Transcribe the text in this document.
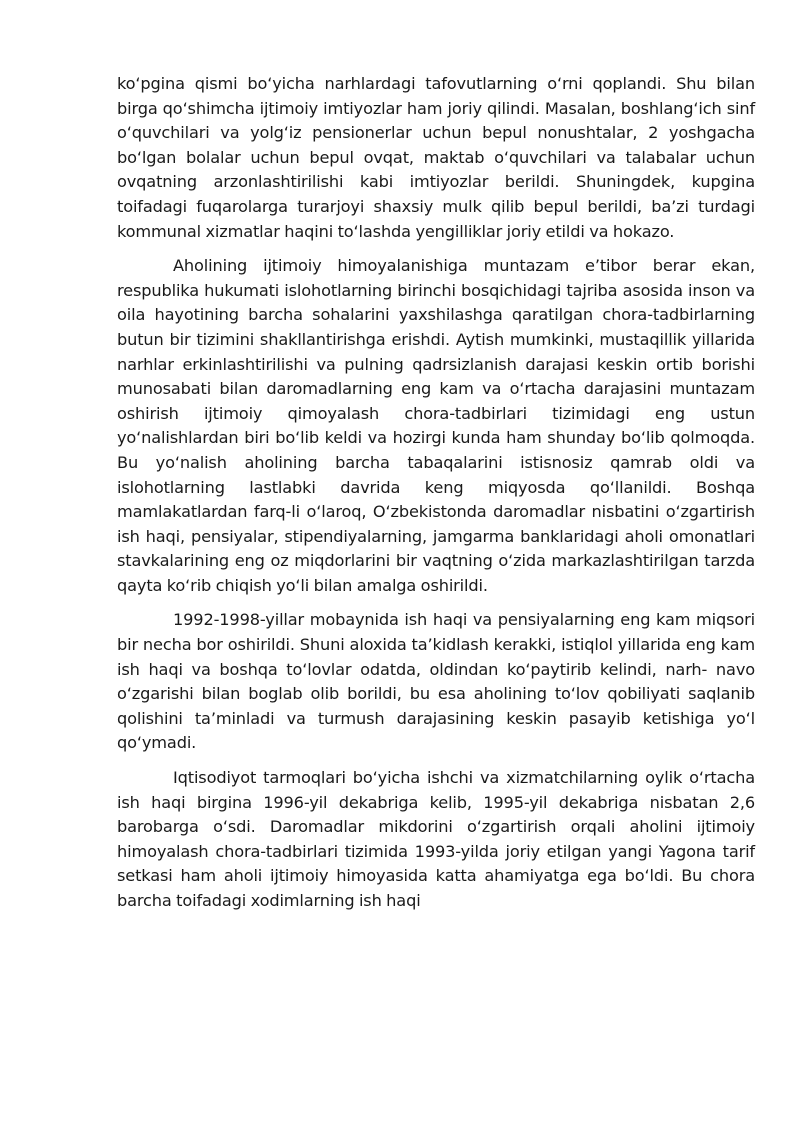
ko‘pgina qismi bo‘yicha narhlardagi tafovutlarning o‘rni qoplandi. Shu bilan birga qo‘shimcha ijtimoiy imtiyozlar ham joriy qilindi. Masalan, boshlang‘ich sinf o‘quvchilari va yolg‘iz pensionerlar uchun bepul nonushtalar, 2 yoshgacha bo‘lgan bolalar uchun bepul ovqat, maktab o‘quvchilari va talabalar uchun ovqatning arzonlashtirilishi kabi imtiyozlar berildi. Shuningdek, kupgina toifadagi fuqarolarga turarjoyi shaxsiy mulk qilib bepul berildi, ba’zi turdagi kommunal xizmatlar haqini to‘lashda yengilliklar joriy etildi va hokazo.

Aholining ijtimoiy himoyalanishiga muntazam e’tibor berar ekan, respublika hukumati islohotlarning birinchi bosqichidagi tajriba asosida inson va oila hayotining barcha sohalarini yaxshilashga qaratilgan chora-tadbirlarning butun bir tizimini shakllantirishga erishdi. Aytish mumkinki, mustaqillik yillarida narhlar erkinlashtirilishi va pulning qadrsizlanish darajasi keskin ortib borishi munosabati bilan daromadlarning eng kam va o‘rtacha darajasini muntazam oshirish ijtimoiy qimoyalash chora-tadbirlari tizimidagi eng ustun yo‘nalishlardan biri bo‘lib keldi va hozirgi kunda ham shunday bo‘lib qolmoqda. Bu yo‘nalish aholining barcha tabaqalarini istisnosiz qamrab oldi va islohotlarning lastlabki davrida keng miqyosda qo‘llanildi. Boshqa mamlakatlardan farq-li o‘laroq, O‘zbekistonda daromadlar nisbatini o‘zgartirish ish haqi, pensiyalar, stipendiyalarning, jamgarma banklaridagi aholi omonatlari stavkalarining eng oz miqdorlarini bir vaqtning o‘zida markazlashtirilgan tarzda qayta ko‘rib chiqish yo‘li bilan amalga oshirildi.

1992-1998-yillar mobaynida ish haqi va pensiyalarning eng kam miqsori bir necha bor oshirildi. Shuni aloxida ta’kidlash kerakki, istiqlol yillarida eng kam ish haqi va boshqa to‘lovlar odatda, oldindan ko‘paytirib kelindi, narh- navo o‘zgarishi bilan boglab olib borildi, bu esa aholining to‘lov qobiliyati saqlanib qolishini ta’minladi va turmush darajasining keskin pasayib ketishiga yo‘l qo‘ymadi.

Iqtisodiyot tarmoqlari bo‘yicha ishchi va xizmatchilarning oylik o‘rtacha ish haqi birgina 1996-yil dekabriga kelib, 1995-yil dekabriga nisbatan 2,6 barobarga o‘sdi. Daromadlar mikdorini o‘zgartirish orqali aholini ijtimoiy himoyalash chora-tadbirlari tizimida 1993-yilda joriy etilgan yangi Yagona tarif setkasi ham aholi ijtimoiy himoyasida katta ahamiyatga ega bo‘ldi. Bu chora barcha toifadagi xodimlarning ish haqi
